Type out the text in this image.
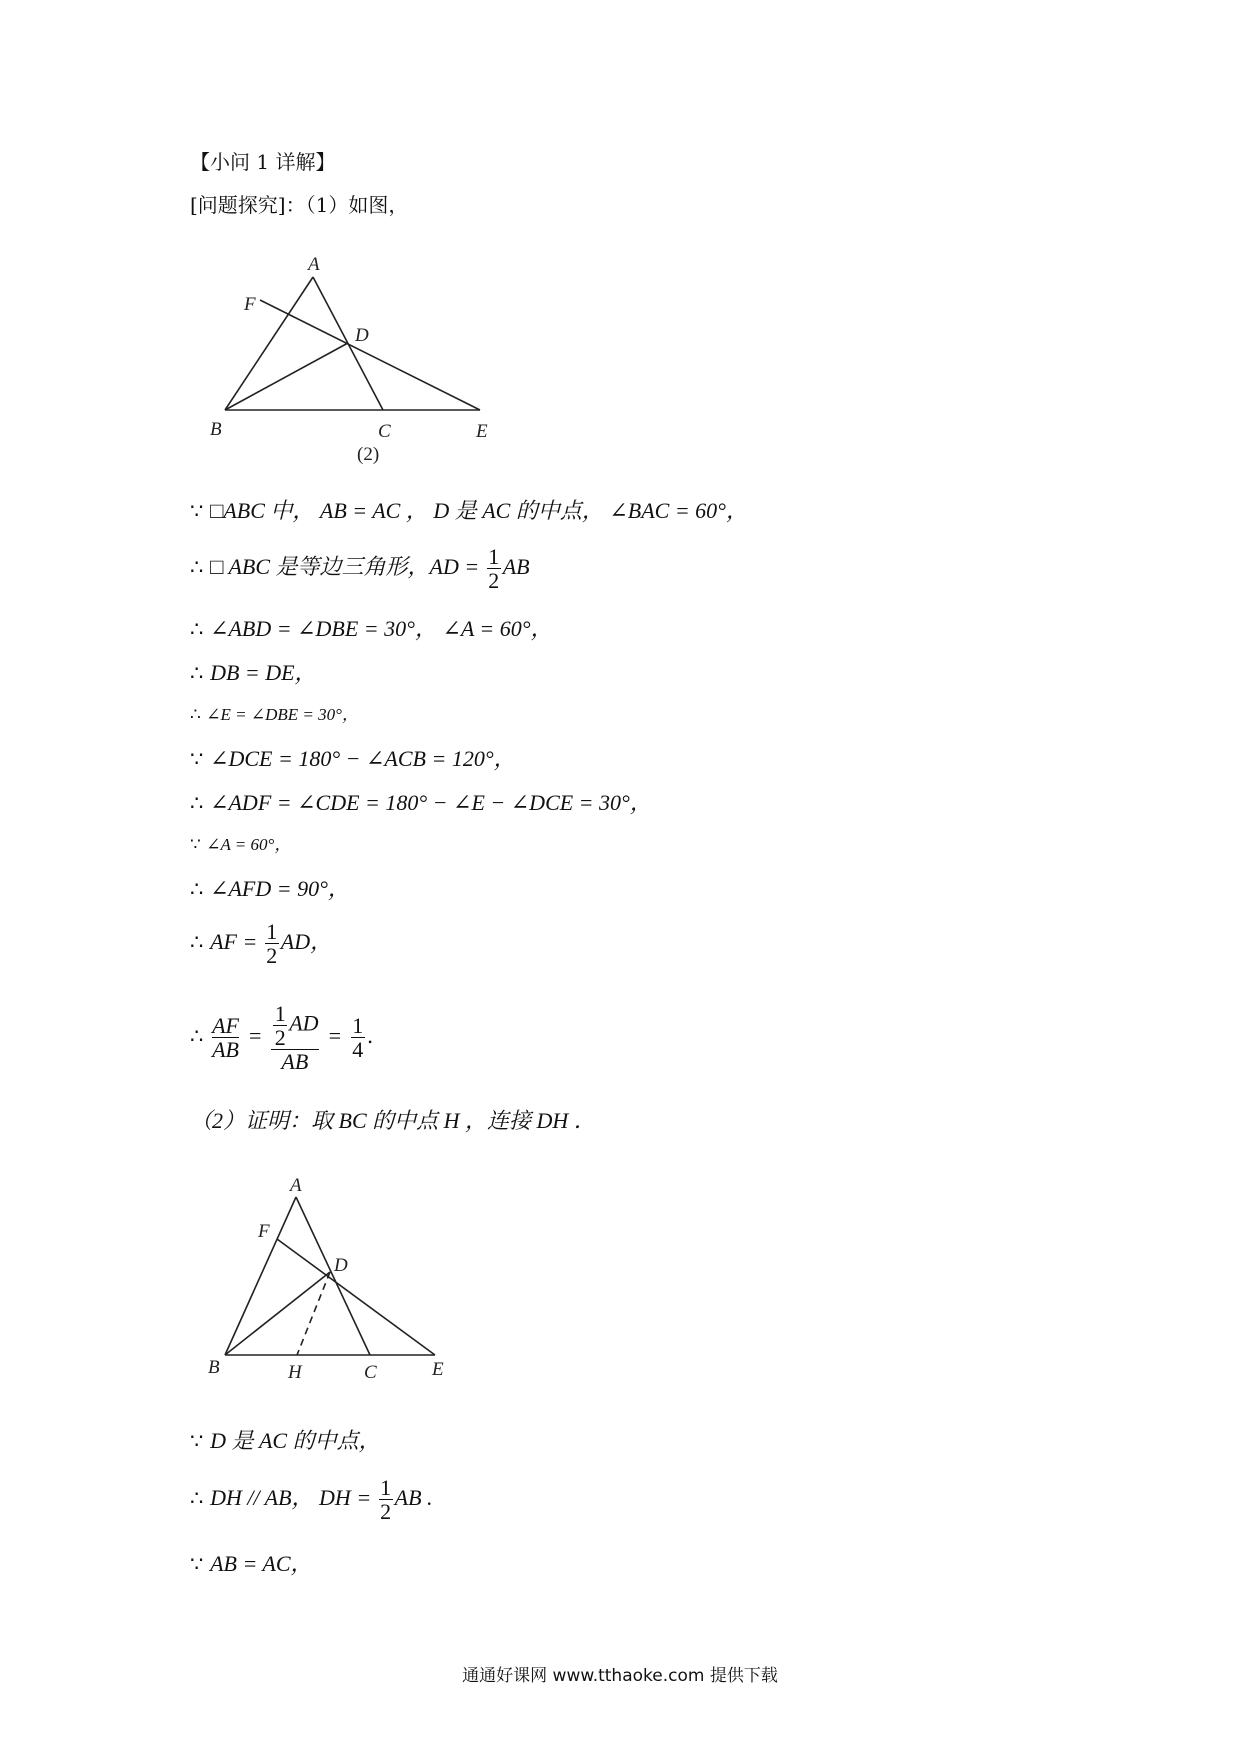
【小问 1 详解】
[问题探究]：（1）如图，
A
F
D
B	C	E
(2)
∵ □ABC 中， AB = AC ， D 是 AC 的中点， ∠BAC = 60°，
∴ □ ABC 是等边三角形，AD = $\frac{1}{2}$ AB
∴ ∠ABD = ∠DBE = 30°， ∠A = 60°，
∴ DB = DE，
∴ ∠E = ∠DBE = 30°，
∵ ∠DCE = 180° − ∠ACB = 120°，
∴ ∠ADF = ∠CDE = 180° − ∠E − ∠DCE = 30°，
∵ ∠A = 60°，
∴ ∠AFD = 90°，
∴ AF = $\frac{1}{2}$ AD，
∴ $\frac{AF}{AB} = \frac{\frac{1}{2} AD}{AB} = \frac{1}{4}$ .
（2）证明：取 BC 的中点 H ，连接 DH ．
A
F
D
B	H	C	E
∵ D 是 AC 的中点，
∴ DH // AB， DH = $\frac{1}{2}$ AB .
∵ AB = AC，
通通好课网 www.tthaoke.com 提供下载
